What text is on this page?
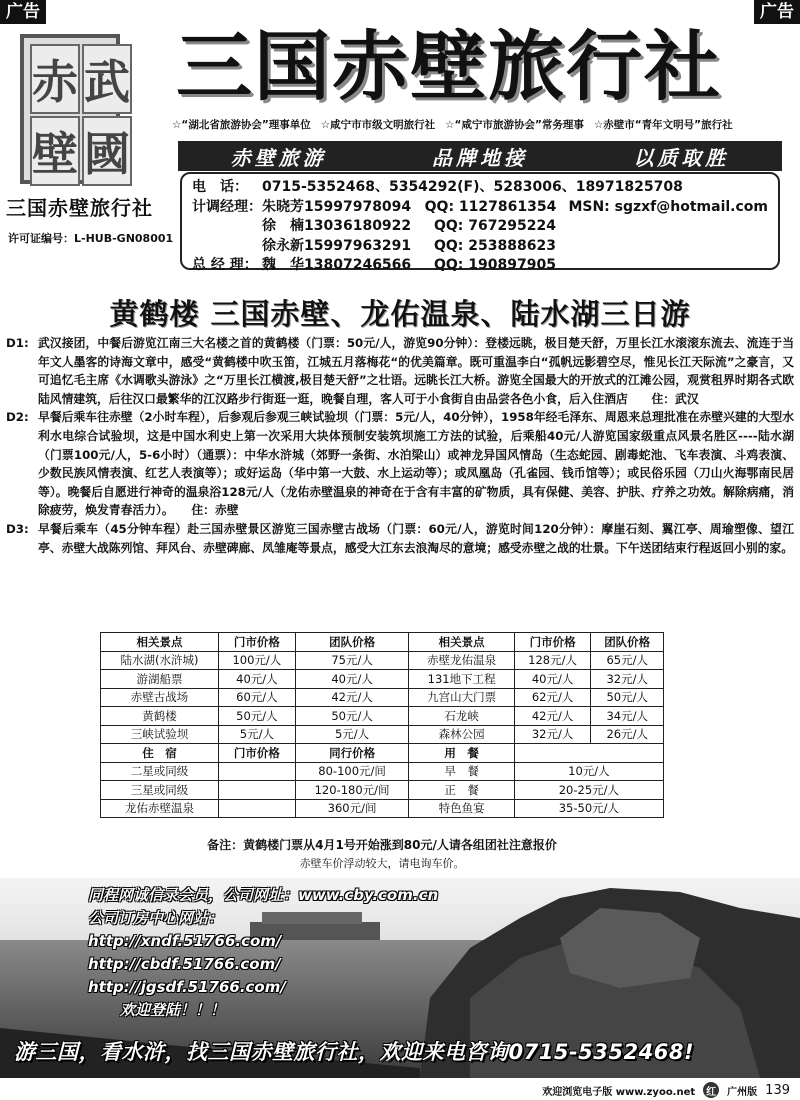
广告	广告
赤 武
壁 國
三国赤壁旅行社
许可证编号：L-HUB-GN08001
三国赤壁旅行社
☆“湖北省旅游协会”理事单位 ☆咸宁市市级文明旅行社 ☆“咸宁市旅游协会”常务理事 ☆赤壁市“青年文明号”旅行社
赤壁旅游	品牌地接	以质取胜
电　话：	0715-5352468、5354292(F)、5283006、18971825708
计调经理： 朱晓芳15997978094 QQ: 1127861354 MSN: sgzxf@hotmail.com
徐　楠13036180922	QQ: 767295224
徐永新15997963291	QQ: 253888623
总 经 理： 魏　华13807246566	QQ: 190897905
黄鹤楼 三国赤壁、龙佑温泉、陆水湖三日游
D1: 武汉接团，中餐后游览江南三大名楼之首的黄鹤楼（门票：50元/人，游览90分钟）：登楼远眺，极目楚天舒，万里长江水滚滚东流去、流连于当年文人墨客的诗海文章中，感受“黄鹤楼中吹玉笛，江城五月落梅花“的优美篇章。既可重温李白“孤帆远影碧空尽，惟见长江天际流”之豪言，又可追忆毛主席《水调歌头游泳》之“万里长江横渡,极目楚天舒”之壮语。远眺长江大桥。游览全国最大的开放式的江滩公园，观赏租界时期各式欧陆风情建筑，后往汉口最繁华的江汉路步行街逛一逛，晚餐自理，客人可于小食街自由品尝各色小食，后入住酒店　　住：武汉
D2: 早餐后乘车往赤壁（2小时车程），后参观后参观三峡试验坝（门票：5元/人，40分钟），1958年经毛泽东、周恩来总理批准在赤壁兴建的大型水利水电综合试验坝，这是中国水利史上第一次采用大块体预制安装筑坝施工方法的试验，后乘船40元/人游览国家级重点风景名胜区----陆水湖（门票100元/人，5-6小时）（通票）：中华水浒城（郊野一条街、水泊梁山）或神龙异国风情岛（生态蛇园、剧毒蛇池、飞车表演、斗鸡表演、少数民族风情表演、红艺人表演等）；或好运岛（华中第一大鼓、水上运动等）；或凤凰岛（孔雀园、钱币馆等）；或民俗乐园（刀山火海鄂南民居等）。晚餐后自愿进行神奇的温泉浴128元/人（龙佑赤壁温泉的神奇在于含有丰富的矿物质，具有保健、美容、护肤、疗养之功效。解除病痛，消除疲劳，焕发青春活力）。　　住：赤壁
D3: 早餐后乘车（45分钟车程）赴三国赤壁景区游览三国赤壁古战场（门票：60元/人，游览时间120分钟）：摩崖石刻、翼江亭、周瑜塑像、望江亭、赤壁大战陈列馆、拜风台、赤壁碑廊、凤雏庵等景点，感受大江东去浪淘尽的意境；感受赤壁之战的壮景。下午送团结束行程返回小别的家。
相关景点	门市价格	团队价格	相关景点	门市价格	团队价格
陆水湖(水浒城)	100元/人	75元/人	赤壁龙佑温泉	128元/人	65元/人
游湖船票	40元/人	40元/人	131地下工程	40元/人	32元/人
赤壁古战场	60元/人	42元/人	九宫山大门票	62元/人	50元/人
黄鹤楼	50元/人	50元/人	石龙峡	42元/人	34元/人
三峡试验坝	5元/人	5元/人	森林公园	32元/人	26元/人
住　宿	门市价格	同行价格	用　餐		
二星或同级		80-100元/间	早　餐	10元/人	
三星或同级		120-180元/间	正　餐	20-25元/人	
龙佑赤壁温泉		360元/间	特色鱼宴	35-50元/人	
备注：黄鹤楼门票从4月1号开始涨到80元/人请各组团社注意报价
赤壁车价浮动较大，请电询车价。
同程网诚信录会员，公司网址：www.cby.com.cn
公司订房中心网站：
http://xndf.51766.com/
http://cbdf.51766.com/
http://jgsdf.51766.com/
欢迎登陆！！！
游三国，看水浒，找三国赤壁旅行社，欢迎来电咨询0715-5352468!
欢迎浏览电子版 www.zyoo.net	红	广州版 139
